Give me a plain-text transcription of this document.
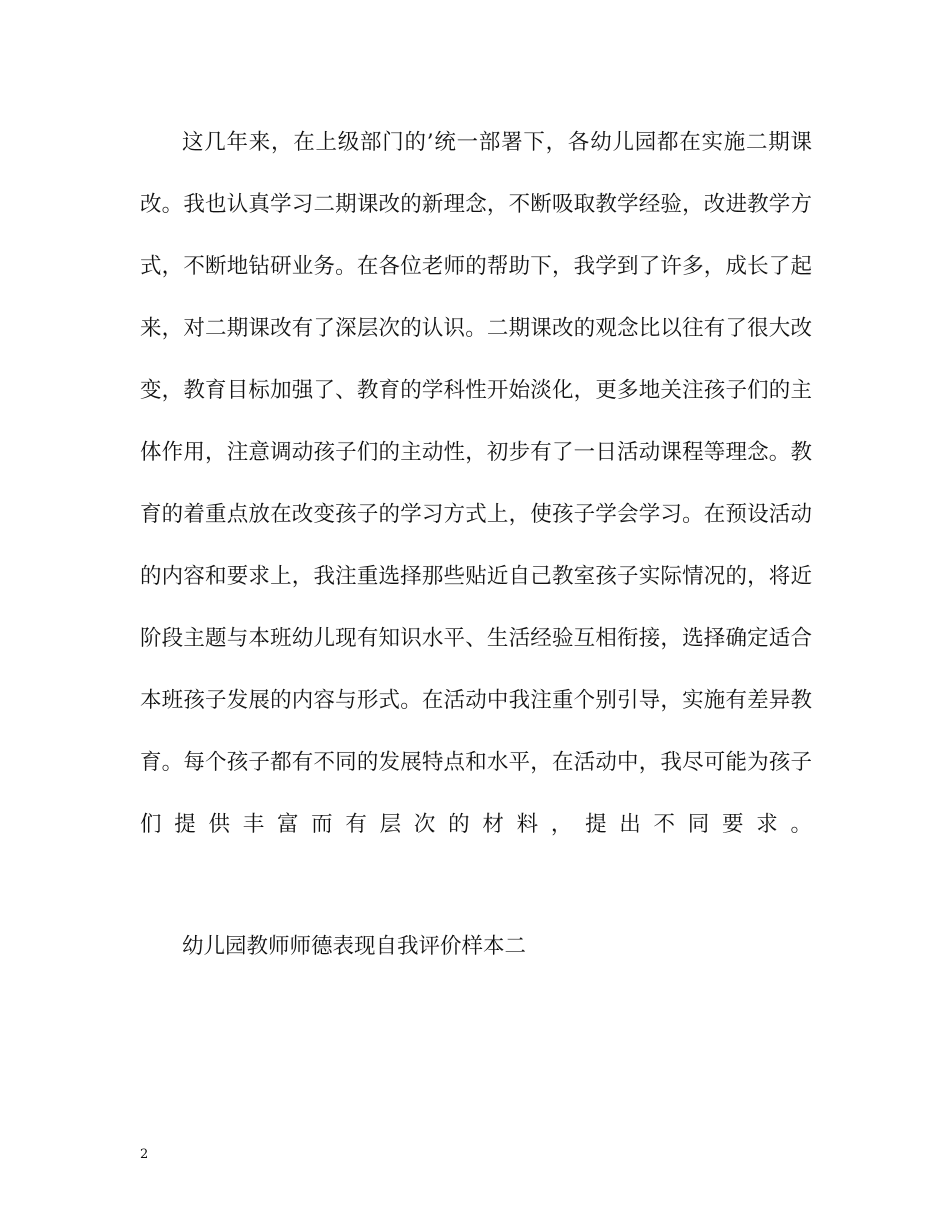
这几年来，在上级部门的’统一部署下，各幼儿园都在实施二期课
改。我也认真学习二期课改的新理念，不断吸取教学经验，改进教学方
式，不断地钻研业务。在各位老师的帮助下，我学到了许多，成长了起
来，对二期课改有了深层次的认识。二期课改的观念比以往有了很大改
变，教育目标加强了、教育的学科性开始淡化，更多地关注孩子们的主
体作用，注意调动孩子们的主动性，初步有了一日活动课程等理念。教
育的着重点放在改变孩子的学习方式上，使孩子学会学习。在预设活动
的内容和要求上，我注重选择那些贴近自己教室孩子实际情况的，将近
阶段主题与本班幼儿现有知识水平、生活经验互相衔接，选择确定适合
本班孩子发展的内容与形式。在活动中我注重个别引导，实施有差异教
育。每个孩子都有不同的发展特点和水平，在活动中，我尽可能为孩子
们提供丰富而有层次的材料，提出不同要求。
幼儿园教师师德表现自我评价样本二
2
